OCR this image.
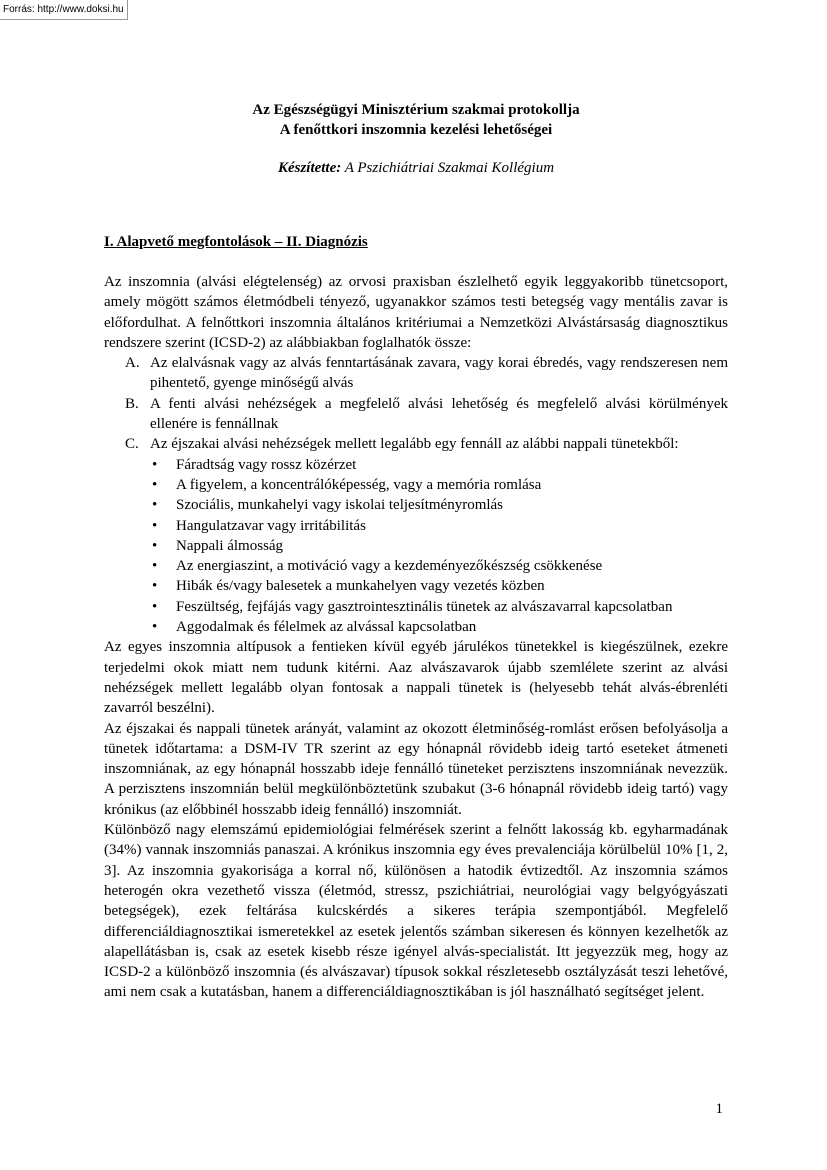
Forrás: http://www.doksi.hu
Az Egészségügyi Minisztérium szakmai protokollja
A fenőttkori inszomnia kezelési lehetőségei
Készítette: A Pszichiátriai Szakmai Kollégium
I. Alapvető megfontolások – II. Diagnózis

Az inszomnia (alvási elégtelenség) az orvosi praxisban észlelhető egyik leggyakoribb tünetcsoport, amely mögött számos életmódbeli tényező, ugyanakkor számos testi betegség vagy mentális zavar is előfordulhat. A felnőttkori inszomnia általános kritériumai a Nemzetközi Alvástársaság diagnosztikus rendszere szerint (ICSD-2) az alábbiakban foglalhatók össze:

A. Az elalvásnak vagy az alvás fenntartásának zavara, vagy korai ébredés, vagy rendszeresen nem pihentető, gyenge minőségű alvás
B. A fenti alvási nehézségek a megfelelő alvási lehetőség és megfelelő alvási körülmények ellenére is fennállnak
C. Az éjszakai alvási nehézségek mellett legalább egy fennáll az alábbi nappali tünetekből:
• Fáradtság vagy rossz közérzet
• A figyelem, a koncentrálóképesség, vagy a memória romlása
• Szociális, munkahelyi vagy iskolai teljesítményromlás
• Hangulatzavar vagy irritábilitás
• Nappali álmosság
• Az energiaszint, a motiváció vagy a kezdeményezőkészség csökkenése
• Hibák és/vagy balesetek a munkahelyen vagy vezetés közben
• Feszültség, fejfájás vagy gasztrointesztinális tünetek az alvászavarral kapcsolatban
• Aggodalmak és félelmek az alvással kapcsolatban

Az egyes inszomnia altípusok a fentieken kívül egyéb járulékos tünetekkel is kiegészülnek, ezekre terjedelmi okok miatt nem tudunk kitérni. Aaz alvászavarok újabb szemlélete szerint az alvási nehézségek mellett legalább olyan fontosak a nappali tünetek is (helyesebb tehát alvás-ébrenléti zavarról beszélni).

Az éjszakai és nappali tünetek arányát, valamint az okozott életminőség-romlást erősen befolyásolja a tünetek időtartama: a DSM-IV TR szerint az egy hónapnál rövidebb ideig tartó eseteket átmeneti inszomniának, az egy hónapnál hosszabb ideje fennálló tüneteket perzisztens inszomniának nevezzük. A perzisztens inszomnián belül megkülönböztetünk szubakut (3-6 hónapnál rövidebb ideig tartó) vagy krónikus (az előbbinél hosszabb ideig fennálló) inszomniát.

Különböző nagy elemszámú epidemiológiai felmérések szerint a felnőtt lakosság kb. egyharmadának (34%) vannak inszomniás panaszai. A krónikus inszomnia egy éves prevalenciája körülbelül 10% [1, 2, 3]. Az inszomnia gyakorisága a korral nő, különösen a hatodik évtizedtől. Az inszomnia számos heterogén okra vezethető vissza (életmód, stressz, pszichiátriai, neurológiai vagy belgyógyászati betegségek), ezek feltárása kulcskérdés a sikeres terápia szempontjából. Megfelelő differenciáldiagnosztikai ismeretekkel az esetek jelentős számban sikeresen és könnyen kezelhetők az alapellátásban is, csak az esetek kisebb része igényel alvás-specialistát. Itt jegyezzük meg, hogy az ICSD-2 a különböző inszomnia (és alvászavar) típusok sokkal részletesebb osztályzását teszi lehetővé, ami nem csak a kutatásban, hanem a differenciáldiagnosztikában is jól használható segítséget jelent.

1
